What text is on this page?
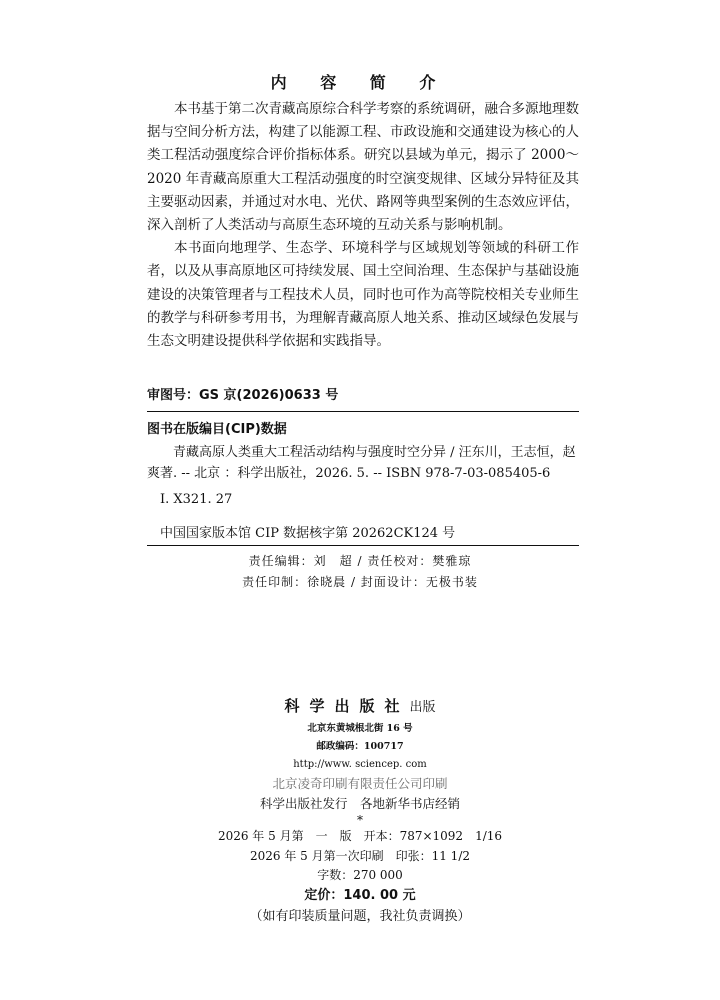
内 容 简 介

本书基于第二次青藏高原综合科学考察的系统调研，融合多源地理数据与空间分析方法，构建了以能源工程、市政设施和交通建设为核心的人类工程活动强度综合评价指标体系。研究以县域为单元，揭示了 2000～2020 年青藏高原重大工程活动强度的时空演变规律、区域分异特征及其主要驱动因素，并通过对水电、光伏、路网等典型案例的生态效应评估，深入剖析了人类活动与高原生态环境的互动关系与影响机制。

本书面向地理学、生态学、环境科学与区域规划等领域的科研工作者，以及从事高原地区可持续发展、国土空间治理、生态保护与基础设施建设的决策管理者与工程技术人员，同时也可作为高等院校相关专业师生的教学与科研参考用书，为理解青藏高原人地关系、推动区域绿色发展与生态文明建设提供科学依据和实践指导。

审图号：GS 京(2026)0633 号
图书在版编目(CIP)数据

青藏高原人类重大工程活动结构与强度时空分异 / 汪东川，王志恒，赵爽著. -- 北京 ：科学出版社，2026. 5. -- ISBN 978-7-03-085405-6

Ⅰ. X321. 27
中国国家版本馆 CIP 数据核字第 20262CK124 号
责任编辑：刘　超 / 责任校对：樊雅琼
责任印制：徐晓晨 / 封面设计：无极书装
科学出版社出版
北京东黄城根北街 16 号
邮政编码：100717
http://www. sciencep. com
北京凌奇印刷有限责任公司印刷
科学出版社发行　各地新华书店经销
*
2026 年 5 月第　一　版　开本：787×1092　1/16
2026 年 5 月第一次印刷　印张：11 1/2
字数：270 000
定价：140. 00 元
（如有印装质量问题，我社负责调换）
